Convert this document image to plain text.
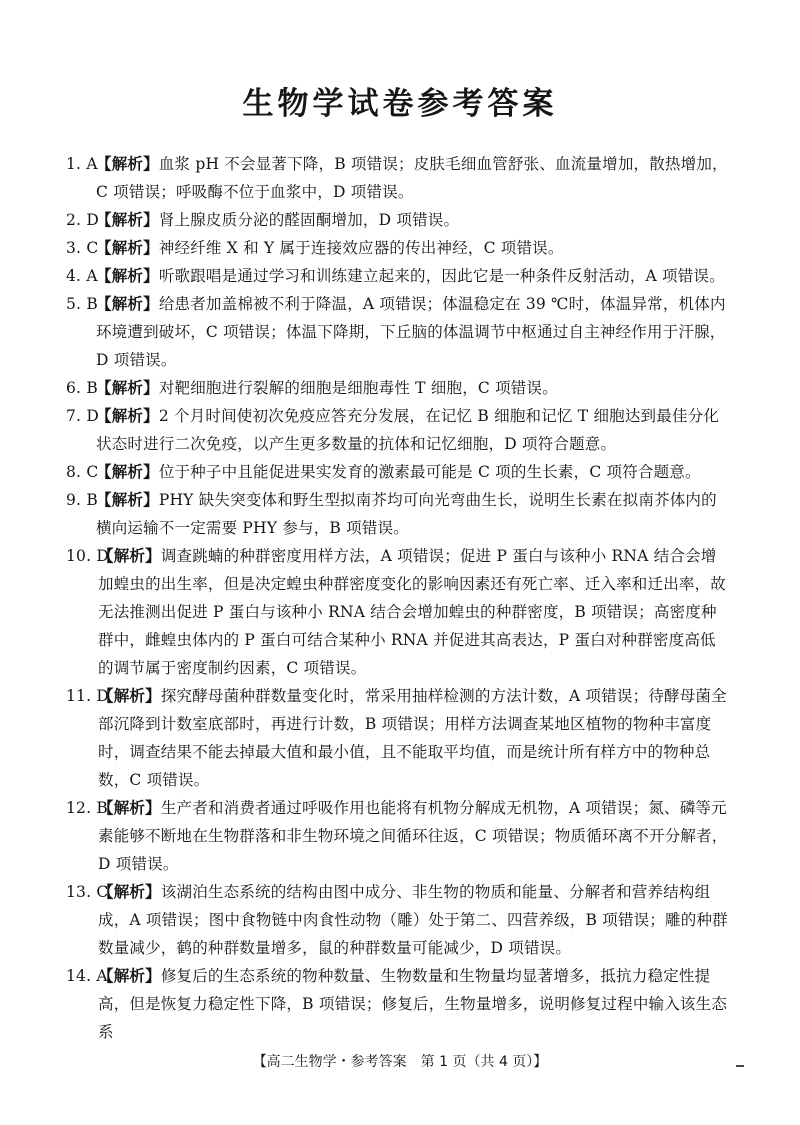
生物学试卷参考答案
1. A
【解析】血浆 pH 不会显著下降，B 项错误；皮肤毛细血管舒张、血流量增加，散热增加，C 项错误；呼吸酶不位于血浆中，D 项错误。
2. D
【解析】肾上腺皮质分泌的醛固酮增加，D 项错误。
3. C
【解析】神经纤维 X 和 Y 属于连接效应器的传出神经，C 项错误。
4. A
【解析】听歌跟唱是通过学习和训练建立起来的，因此它是一种条件反射活动，A 项错误。
5. B
【解析】给患者加盖棉被不利于降温，A 项错误；体温稳定在 39 ℃时，体温异常，机体内环境遭到破坏，C 项错误；体温下降期，下丘脑的体温调节中枢通过自主神经作用于汗腺，D 项错误。
6. B
【解析】对靶细胞进行裂解的细胞是细胞毒性 T 细胞，C 项错误。
7. D
【解析】2 个月时间使初次免疫应答充分发展，在记忆 B 细胞和记忆 T 细胞达到最佳分化状态时进行二次免疫，以产生更多数量的抗体和记忆细胞，D 项符合题意。
8. C
【解析】位于种子中且能促进果实发育的激素最可能是 C 项的生长素，C 项符合题意。
9. B
【解析】PHY 缺失突变体和野生型拟南芥均可向光弯曲生长，说明生长素在拟南芥体内的横向运输不一定需要 PHY 参与，B 项错误。
10. D
【解析】调查跳蝻的种群密度用样方法，A 项错误；促进 P 蛋白与该种小 RNA 结合会增加蝗虫的出生率，但是决定蝗虫种群密度变化的影响因素还有死亡率、迁入率和迁出率，故无法推测出促进 P 蛋白与该种小 RNA 结合会增加蝗虫的种群密度，B 项错误；高密度种群中，雌蝗虫体内的 P 蛋白可结合某种小 RNA 并促进其高表达，P 蛋白对种群密度高低的调节属于密度制约因素，C 项错误。
11. D
【解析】探究酵母菌种群数量变化时，常采用抽样检测的方法计数，A 项错误；待酵母菌全部沉降到计数室底部时，再进行计数，B 项错误；用样方法调查某地区植物的物种丰富度时，调查结果不能去掉最大值和最小值，且不能取平均值，而是统计所有样方中的物种总数，C 项错误。
12. B
【解析】生产者和消费者通过呼吸作用也能将有机物分解成无机物，A 项错误；氮、磷等元素能够不断地在生物群落和非生物环境之间循环往返，C 项错误；物质循环离不开分解者，D 项错误。
13. C
【解析】该湖泊生态系统的结构由图中成分、非生物的物质和能量、分解者和营养结构组成，A 项错误；图中食物链中肉食性动物（雕）处于第二、四营养级，B 项错误；雕的种群数量减少，鹤的种群数量增多，鼠的种群数量可能减少，D 项错误。
14. A
【解析】修复后的生态系统的物种数量、生物数量和生物量均显著增多，抵抗力稳定性提高，但是恢复力稳定性下降，B 项错误；修复后，生物量增多，说明修复过程中输入该生态系
【高二生物学・参考答案　第 1 页（共 4 页）】
